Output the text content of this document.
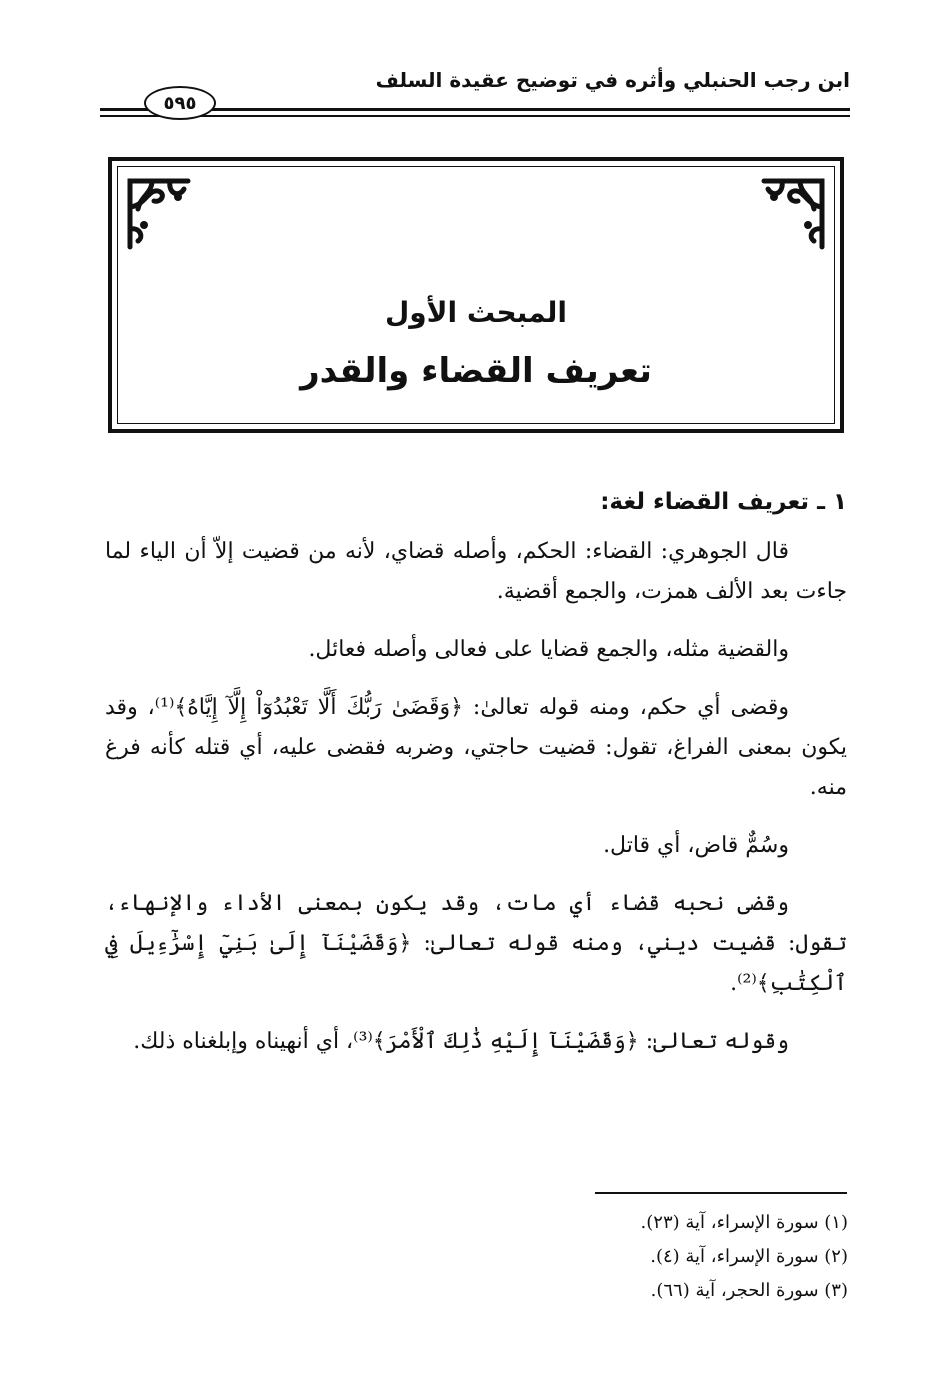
ابن رجب الحنبلي وأثره في توضيح عقيدة السلف
٥٩٥
المبحث الأول
تعريف القضاء والقدر

١ ـ تعريف القضاء لغة:

قال الجوهري: القضاء: الحكم، وأصله قضاي، لأنه من قضيت إلاّ أن الياء لما جاءت بعد الألف همزت، والجمع أقضية.

والقضية مثله، والجمع قضايا على فعالى وأصله فعائل.

وقضى أي حكم، ومنه قوله تعالىٰ: ﴿وَقَضَىٰ رَبُّكَ أَلَّا تَعْبُدُوٓاْ إِلَّآ إِيَّاهُ﴾⁽¹⁾، وقد يكون بمعنى الفراغ، تقول: قضيت حاجتي، وضربه فقضى عليه، أي قتله كأنه فرغ منه.

وسُمٌّ قاض، أي قاتل.

وقضى نحبه قضاء أي مات، وقد يكون بمعنى الأداء والإنهاء، تقول: قضيت ديني، ومنه قوله تعالىٰ: ﴿وَقَضَيْنَآ إِلَىٰ بَنِيٓ إِسْرَٰٓءِيلَ فِي ٱلْكِتَٰبِ﴾⁽²⁾.

وقوله تعالىٰ: ﴿وَقَضَيْنَآ إِلَيْهِ ذَٰلِكَ ٱلْأَمْرَ﴾⁽³⁾، أي أنهيناه وإبلغناه ذلك.

(١) سورة الإسراء، آية (٢٣).
(٢) سورة الإسراء، آية (٤).
(٣) سورة الحجر، آية (٦٦).
